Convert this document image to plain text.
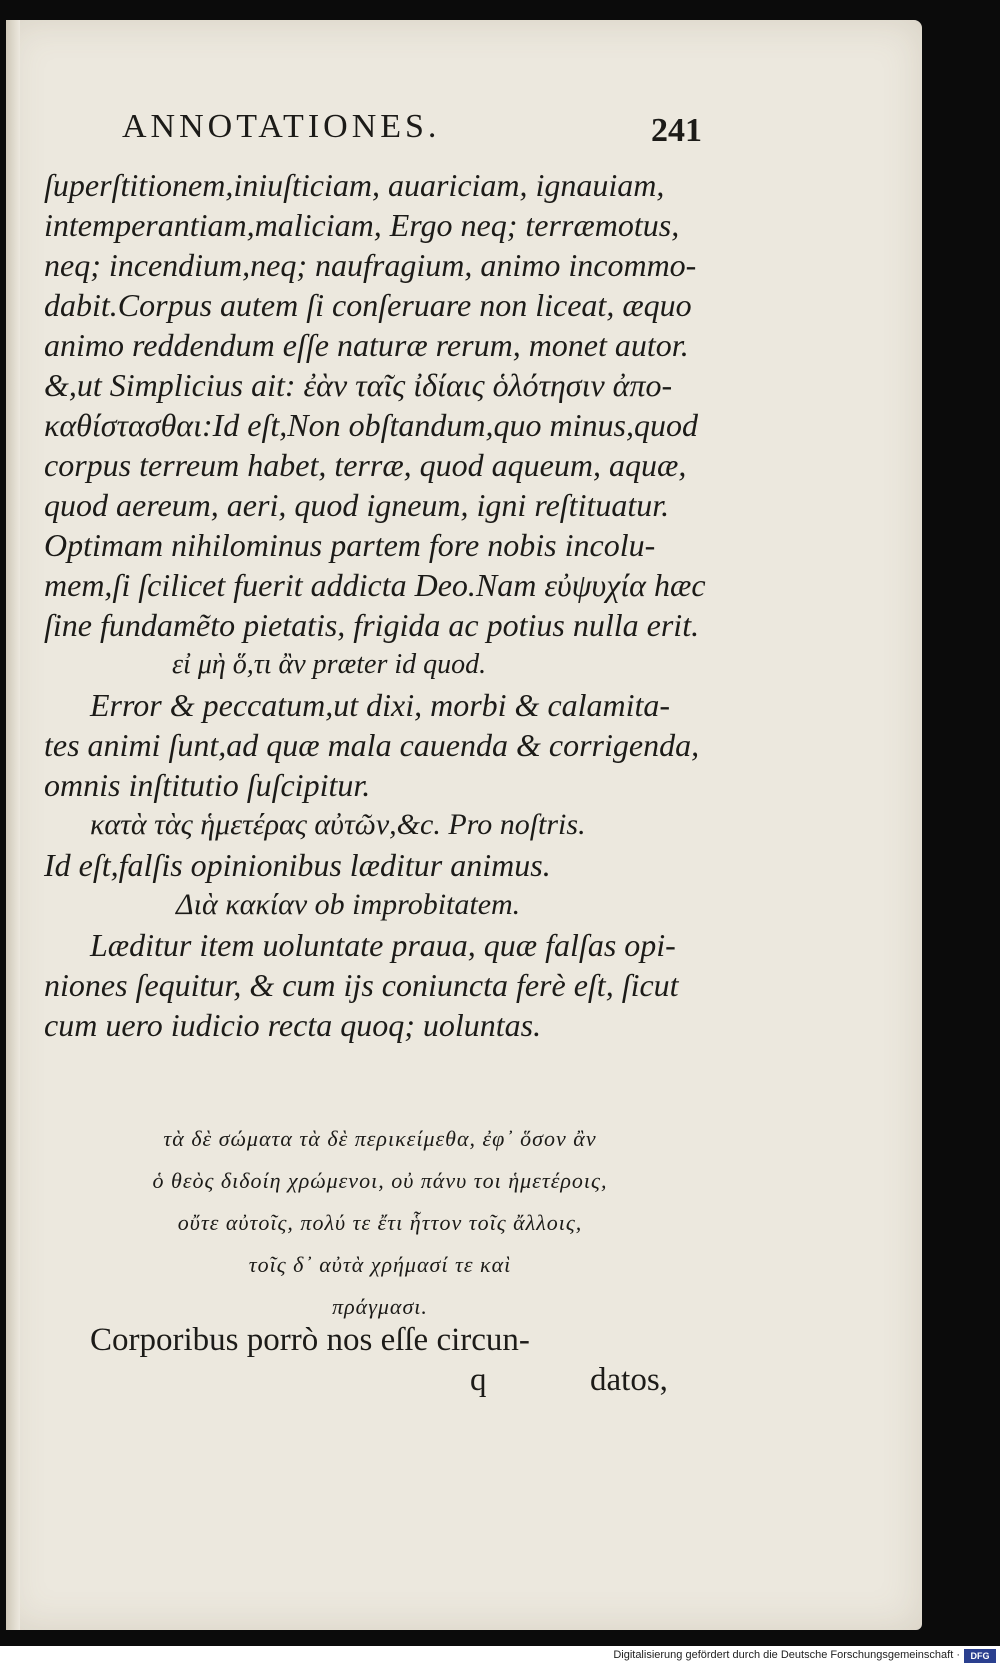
ANNOTATIONES.	241
ſuperſtitionem,iniuſticiam, auariciam, ignauiam,
intemperantiam,maliciam, Ergo neq; terræmotus,
neq; incendium,neq; naufragium, animo incommo-
dabit.Corpus autem ſi conſeruare non liceat, æquo
animo reddendum eſſe naturæ rerum, monet autor.
&,ut Simplicius ait: ἐὰν ταῖς ἰδίαις ὁλότησιν ἀπο-
καθίστασθαι:Id eſt,Non obſtandum,quo minus,quod
corpus terreum habet, terræ, quod aqueum, aquæ,
quod aereum, aeri, quod igneum, igni reſtituatur.
Optimam nihilominus partem fore nobis incolu-
mem,ſi ſcilicet fuerit addicta Deo.Nam εὐψυχία hæc
ſine fundamẽto pietatis, frigida ac potius nulla erit.
εἰ μὴ ὅ,τι ἂν præter id quod.
Error & peccatum,ut dixi, morbi & calamita-
tes animi ſunt,ad quæ mala cauenda & corrigenda,
omnis inſtitutio ſuſcipitur.
κατὰ τὰς ἡμετέρας αὐτῶν,&c. Pro noſtris.
Id eſt,falſis opinionibus læditur animus.
Διὰ κακίαν ob improbitatem.
Læditur item uoluntate praua, quæ falſas opi-
niones ſequitur, & cum ijs coniuncta ferè eſt, ſicut
cum uero iudicio recta quoq; uoluntas.
τὰ δὲ σώματα τὰ δὲ περικείμεθα, ἐφ᾽ ὅσον ἂν
ὁ θεὸς διδοίη χρώμενοι, οὐ πάνυ τοι ἡμετέροις,
οὔτε αὐτοῖς, πολύ τε ἔτι ἧττον τοῖς ἄλλοις,
τοῖς δ᾽ αὐτὰ χρήμασί τε καὶ
πράγμασι.
Corporibus porrò nos eſſe circun-
q	datos,
Digitalisierung gefördert durch die Deutsche Forschungsgemeinschaft ·	DFG
